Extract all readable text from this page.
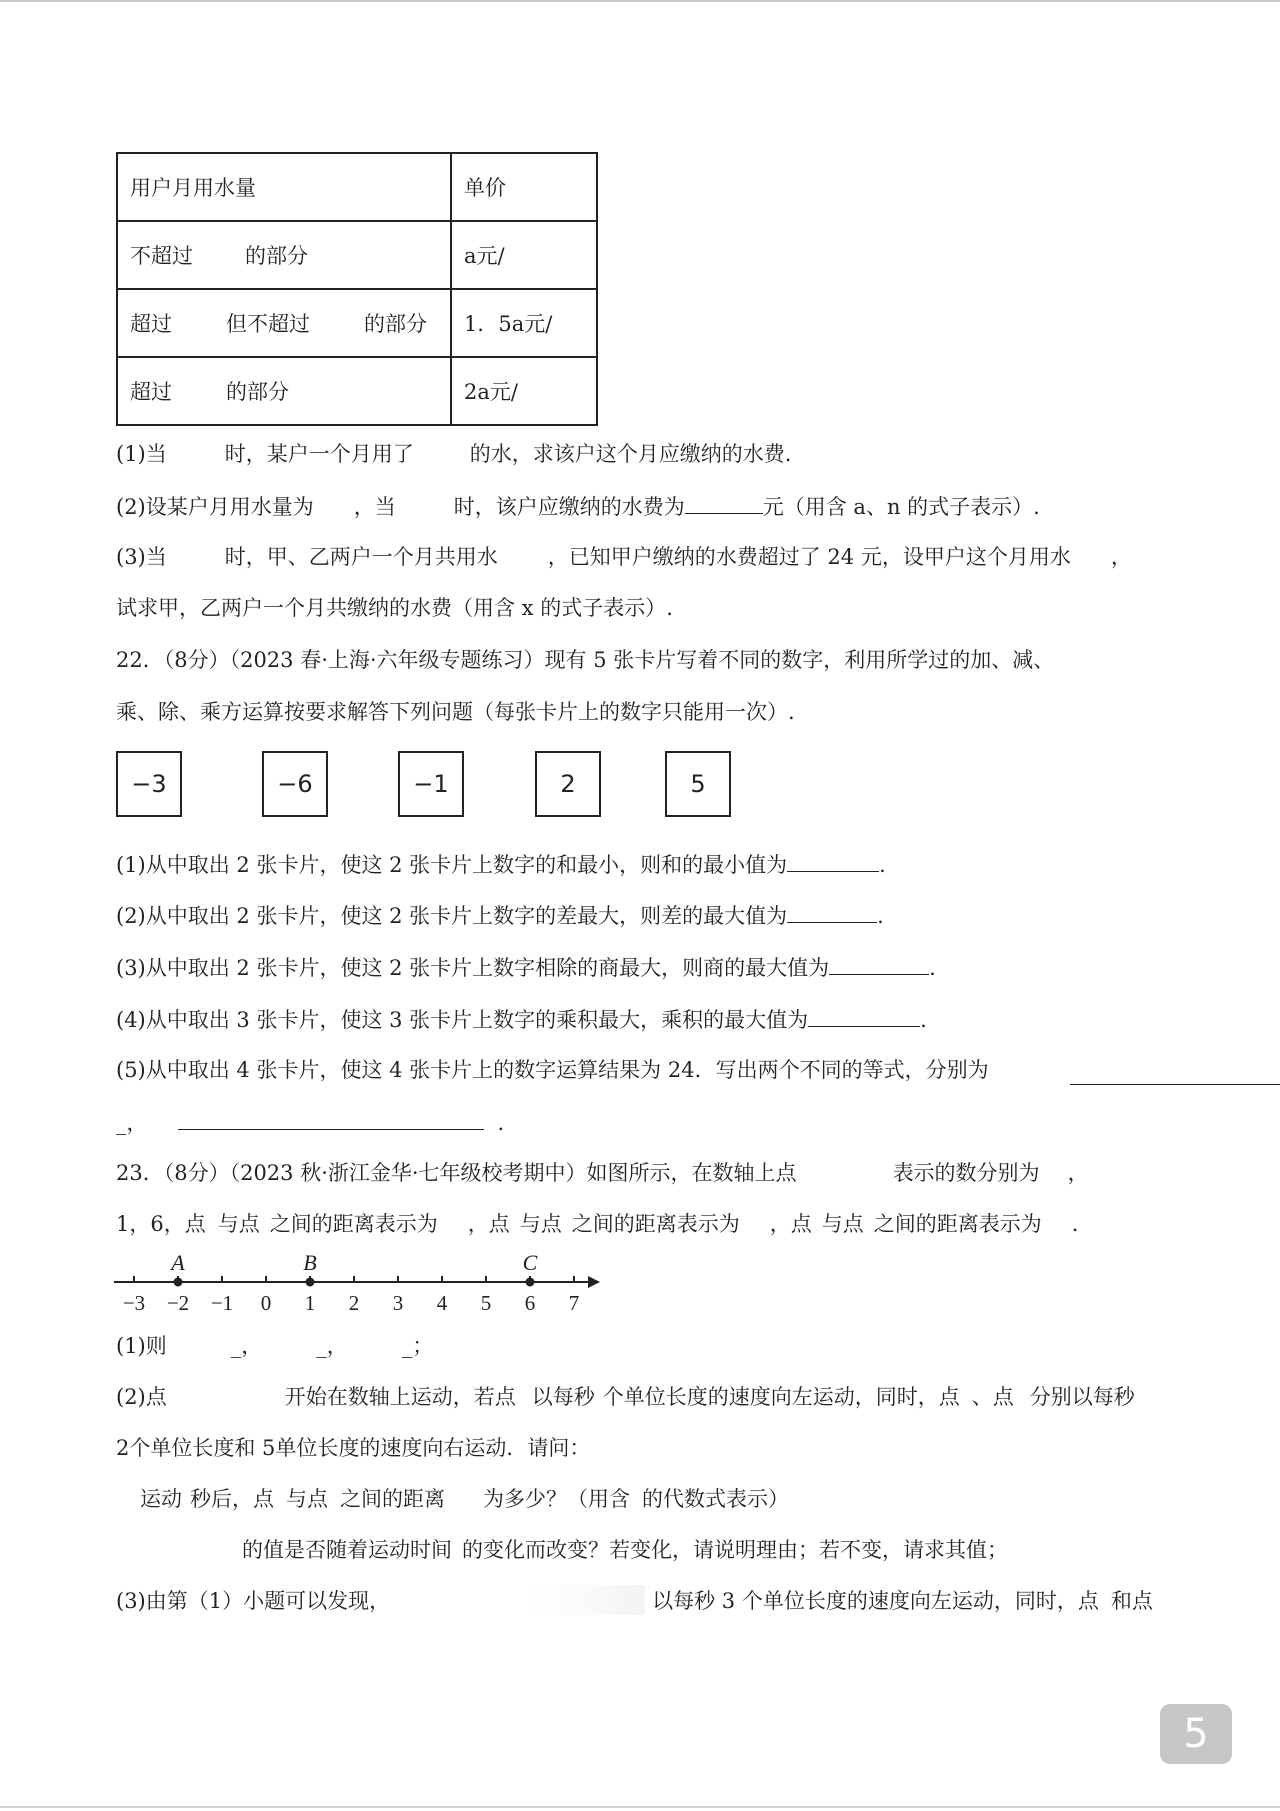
用户月用水量	单价
不超过 的部分	a元/
超过 但不超过 的部分	1．5a元/
超过 的部分	2a元/
(1)当	时，某户一个月用了	的水，求该户这个月应缴纳的水费.
(2)设某户月用水量为 ，当	时，该户应缴纳的水费为	元（用含 a、n 的式子表示）.
(3)当	时，甲、乙两户一个月共用水 ，已知甲户缴纳的水费超过了 24 元，设甲户这个月用水 ，
试求甲，乙两户一个月共缴纳的水费（用含 x 的式子表示）.
22．（8分）（2023 春·上海·六年级专题练习）现有 5 张卡片写着不同的数字，利用所学过的加、减、
乘、除、乘方运算按要求解答下列问题（每张卡片上的数字只能用一次）.
−3	−6	−1	2	5
(1)从中取出 2 张卡片，使这 2 张卡片上数字的和最小，则和的最小值为	.
(2)从中取出 2 张卡片，使这 2 张卡片上数字的差最大，则差的最大值为	.
(3)从中取出 2 张卡片，使这 2 张卡片上数字相除的商最大，则商的最大值为	.
(4)从中取出 3 张卡片，使这 3 张卡片上数字的乘积最大，乘积的最大值为	.
(5)从中取出 4 张卡片，使这 4 张卡片上的数字运算结果为 24．写出两个不同的等式，分别为
_，	.
23．（8分）（2023 秋·浙江金华·七年级校考期中）如图所示，在数轴上点	表示的数分别为 ，
1，6，点 与点 之间的距离表示为 ，点 与点 之间的距离表示为 ，点 与点 之间的距离表示为 .
−3 −2 −1 0 1 2 3 4 5 6 7
A	B	C
(1)则	_，	_，	_；
(2)点	开始在数轴上运动，若点 以每秒 个单位长度的速度向左运动，同时，点 、点 分别以每秒
2个单位长度和 5单位长度的速度向右运动．请问：
运动 秒后，点 与点 之间的距离 为多少？（用含 的代数式表示）
的值是否随着运动时间 的变化而改变？若变化，请说明理由；若不变，请求其值；
(3)由第（1）小题可以发现，	以每秒 3 个单位长度的速度向左运动，同时，点 和点
5
